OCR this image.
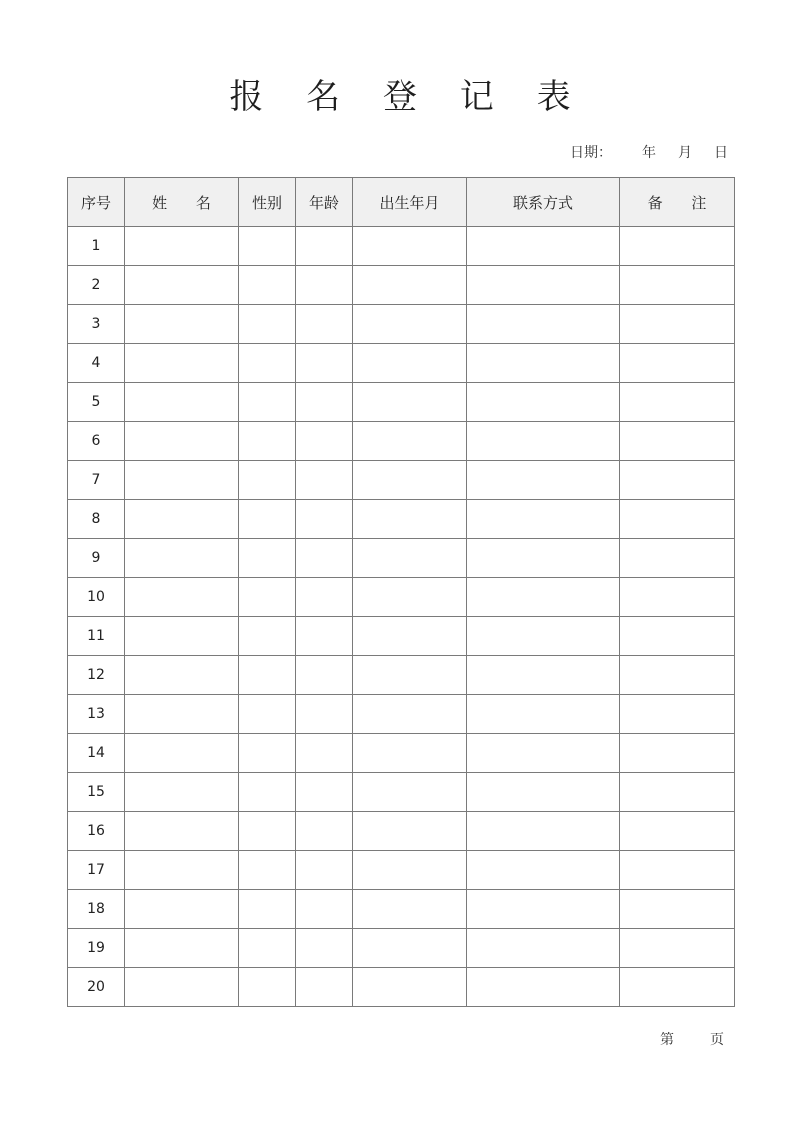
报 名 登 记 表
日期： 年 月 日
序号	姓 名	性别	年龄	出生年月	联系方式	备 注
1						
2						
3						
4						
5						
6						
7						
8						
9						
10						
11						
12						
13						
14						
15						
16						
17						
18						
19						
20						
第	页
